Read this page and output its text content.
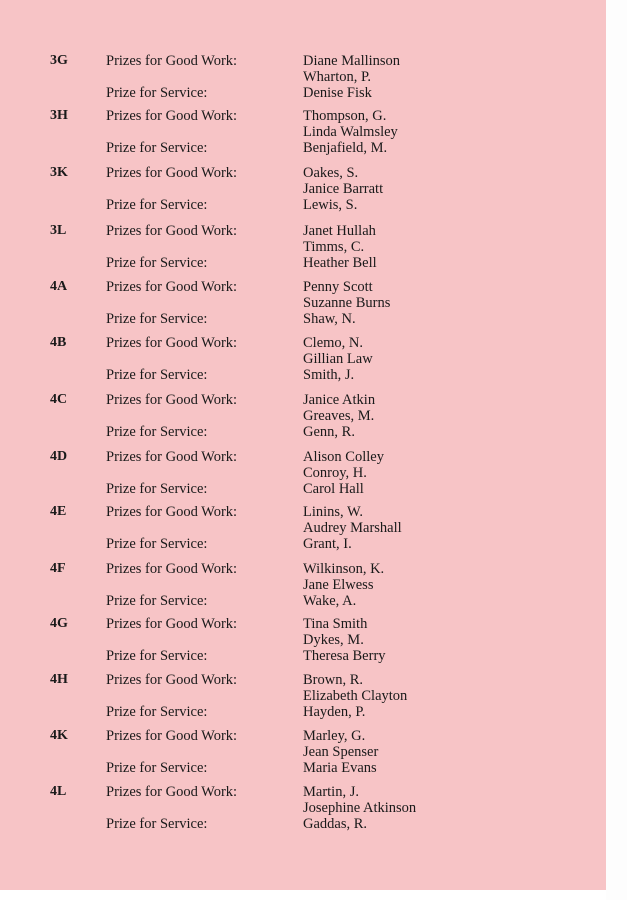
3G	Prizes for Good Work:	Diane Mallinson
Wharton, P.
Prize for Service:	Denise Fisk
3H	Prizes for Good Work:	Thompson, G.
Linda Walmsley
Prize for Service:	Benjafield, M.
3K	Prizes for Good Work:	Oakes, S.
Janice Barratt
Prize for Service:	Lewis, S.
3L	Prizes for Good Work:	Janet Hullah
Timms, C.
Prize for Service:	Heather Bell
4A	Prizes for Good Work:	Penny Scott
Suzanne Burns
Prize for Service:	Shaw, N.
4B	Prizes for Good Work:	Clemo, N.
Gillian Law
Prize for Service:	Smith, J.
4C	Prizes for Good Work:	Janice Atkin
Greaves, M.
Prize for Service:	Genn, R.
4D	Prizes for Good Work:	Alison Colley
Conroy, H.
Prize for Service:	Carol Hall
4E	Prizes for Good Work:	Linins, W.
Audrey Marshall
Prize for Service:	Grant, I.
4F	Prizes for Good Work:	Wilkinson, K.
Jane Elwess
Prize for Service:	Wake, A.
4G	Prizes for Good Work:	Tina Smith
Dykes, M.
Prize for Service:	Theresa Berry
4H	Prizes for Good Work:	Brown, R.
Elizabeth Clayton
Prize for Service:	Hayden, P.
4K	Prizes for Good Work:	Marley, G.
Jean Spenser
Prize for Service:	Maria Evans
4L	Prizes for Good Work:	Martin, J.
Josephine Atkinson
Prize for Service:	Gaddas, R.
